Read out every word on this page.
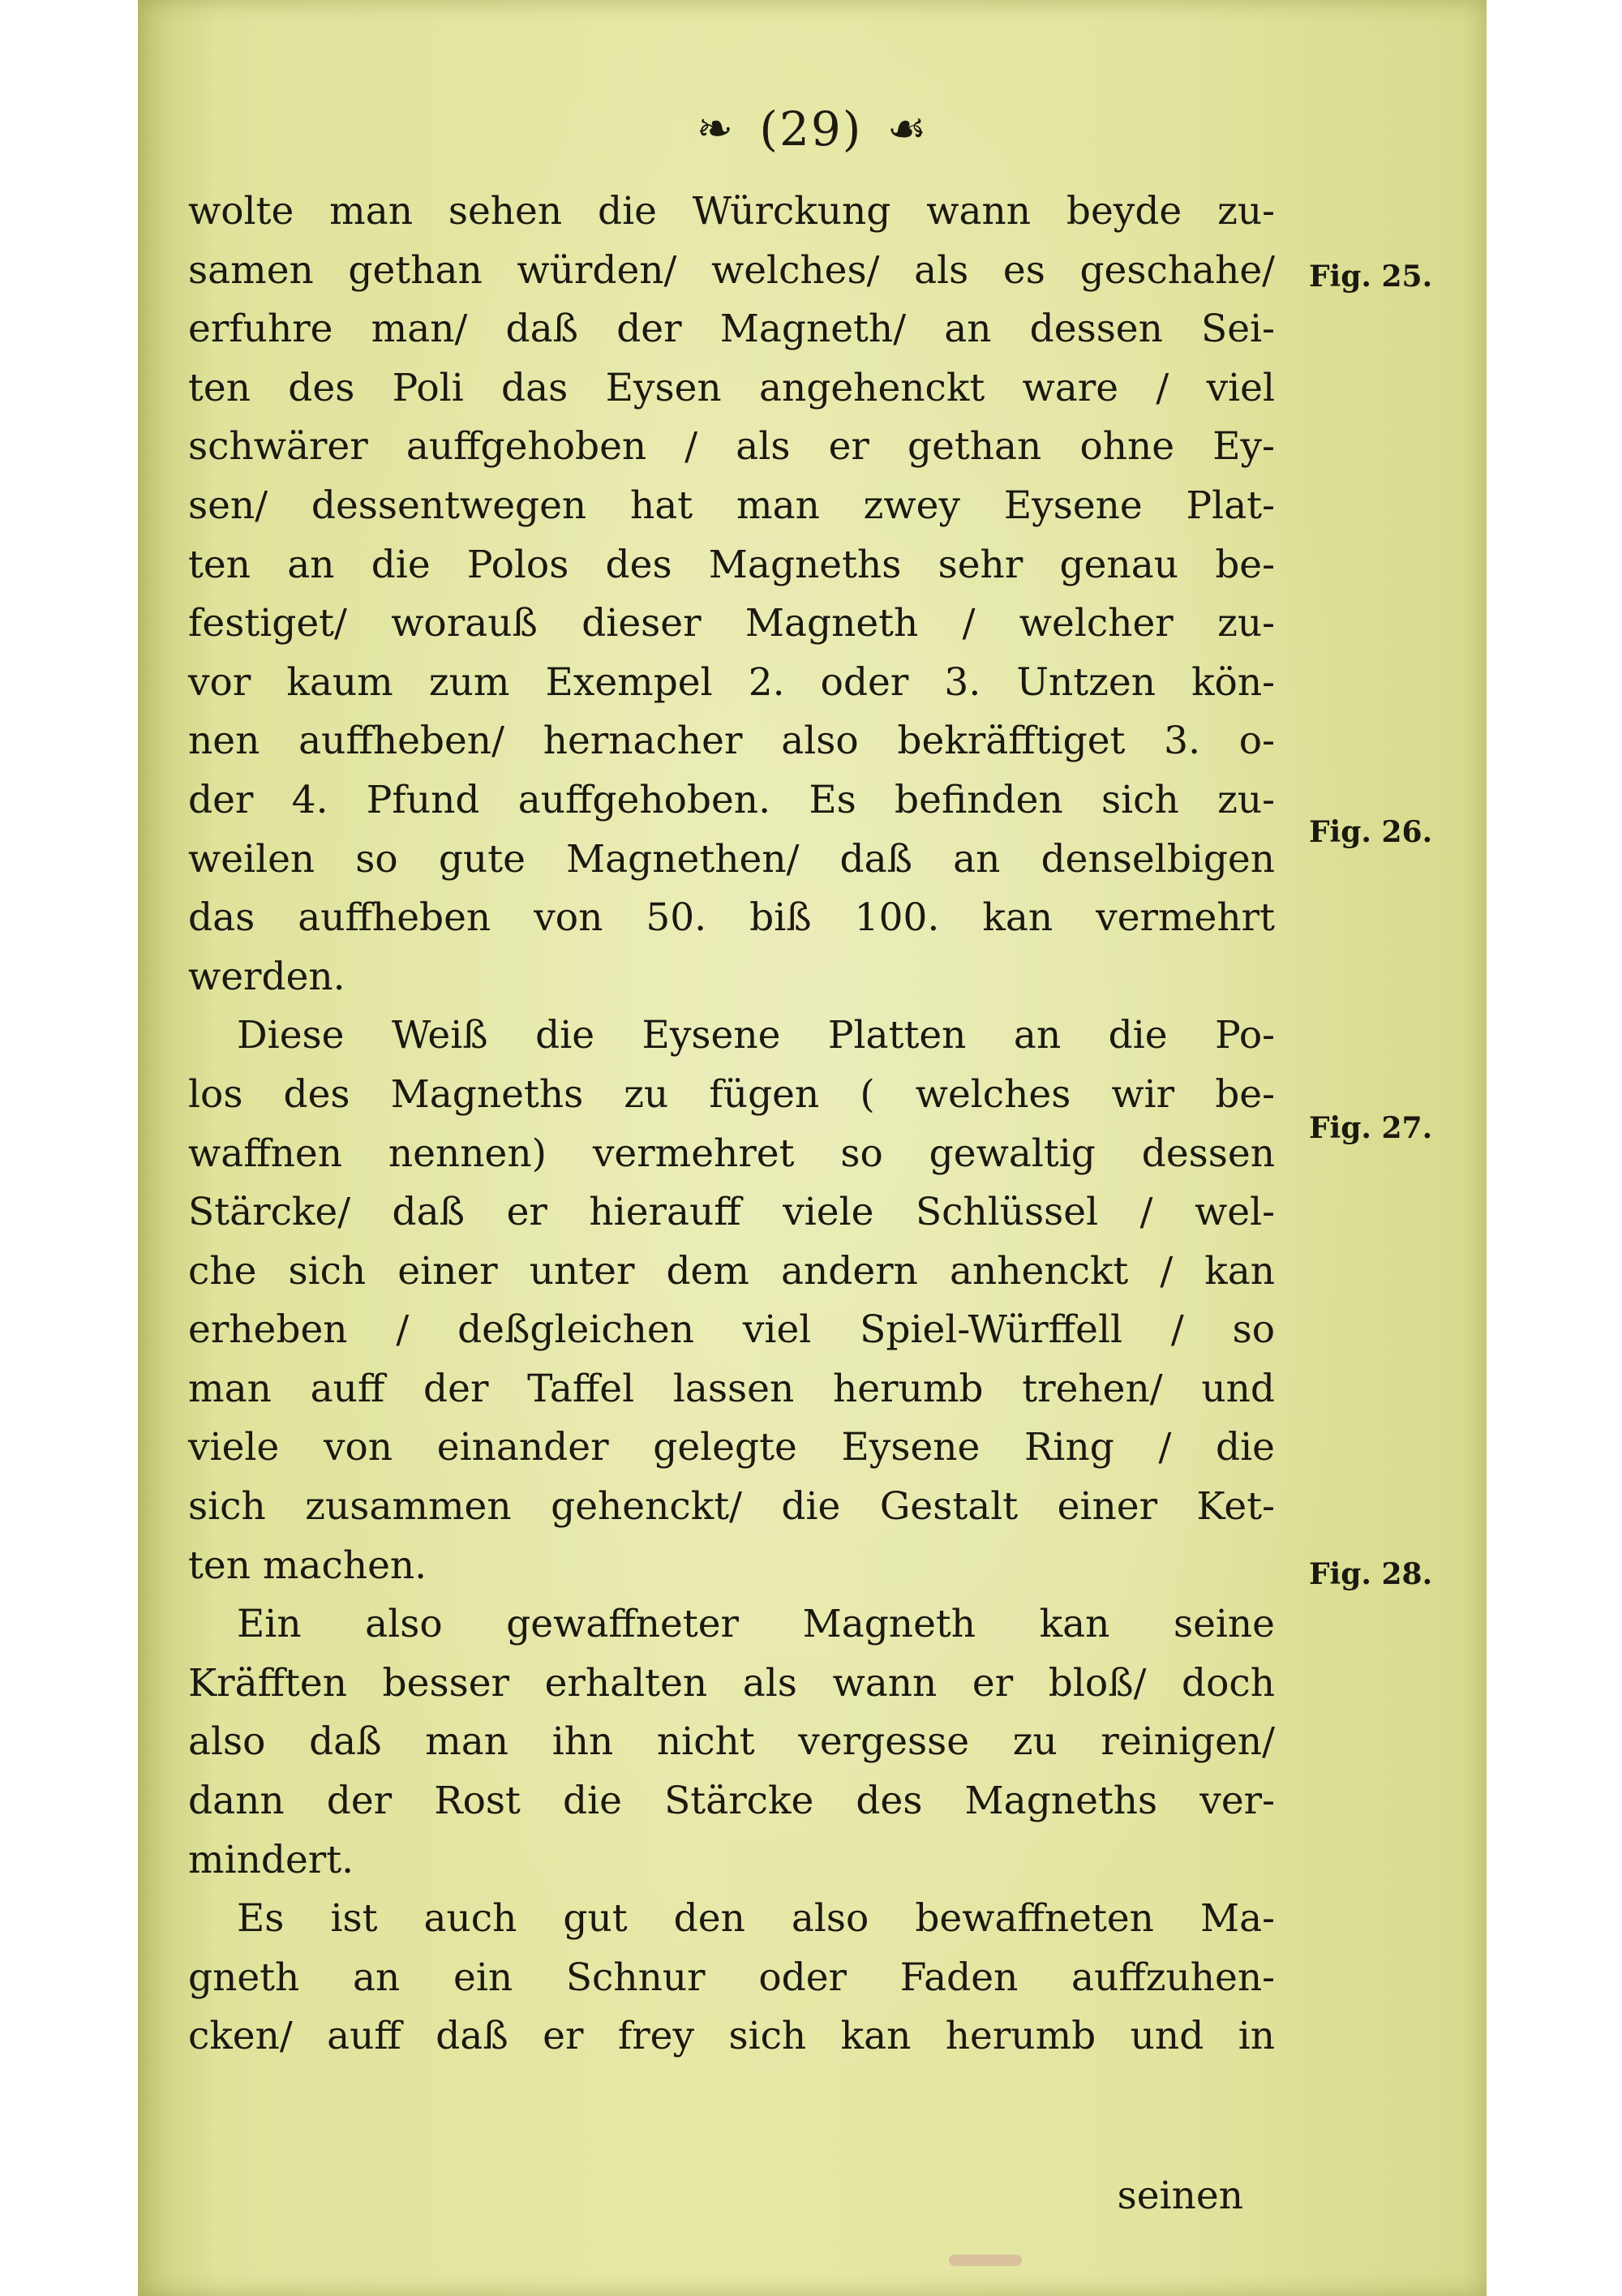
❧ (29) ☙
wolte man sehen die Würckung wann beyde zu-
samen gethan würden/ welches/ als es geschahe/
erfuhre man/ daß der Magneth/ an dessen Sei-
ten des Poli das Eysen angehenckt ware / viel
schwärer auffgehoben / als er gethan ohne Ey-
sen/ dessentwegen hat man zwey Eysene Plat-
ten an die Polos des Magneths sehr genau be-
festiget/ worauß dieser Magneth / welcher zu-
vor kaum zum Exempel 2. oder 3. Untzen kön-
nen auffheben/ hernacher also bekräfftiget 3. o-
der 4. Pfund auffgehoben. Es befinden sich zu-
weilen so gute Magnethen/ daß an denselbigen
das auffheben von 50. biß 100. kan vermehrt
werden.
Diese Weiß die Eysene Platten an die Po-
los des Magneths zu fügen ( welches wir be-
waffnen nennen) vermehret so gewaltig dessen
Stärcke/ daß er hierauff viele Schlüssel / wel-
che sich einer unter dem andern anhenckt / kan
erheben / deßgleichen viel Spiel-Würffell / so
man auff der Taffel lassen herumb trehen/ und
viele von einander gelegte Eysene Ring / die
sich zusammen gehenckt/ die Gestalt einer Ket-
ten machen.
Ein also gewaffneter Magneth kan seine
Kräfften besser erhalten als wann er bloß/ doch
also daß man ihn nicht vergesse zu reinigen/
dann der Rost die Stärcke des Magneths ver-
mindert.
Es ist auch gut den also bewaffneten Ma-
gneth an ein Schnur oder Faden auffzuhen-
cken/ auff daß er frey sich kan herumb und in
Fig. 25.
Fig. 26.
Fig. 27.
Fig. 28.
seinen
